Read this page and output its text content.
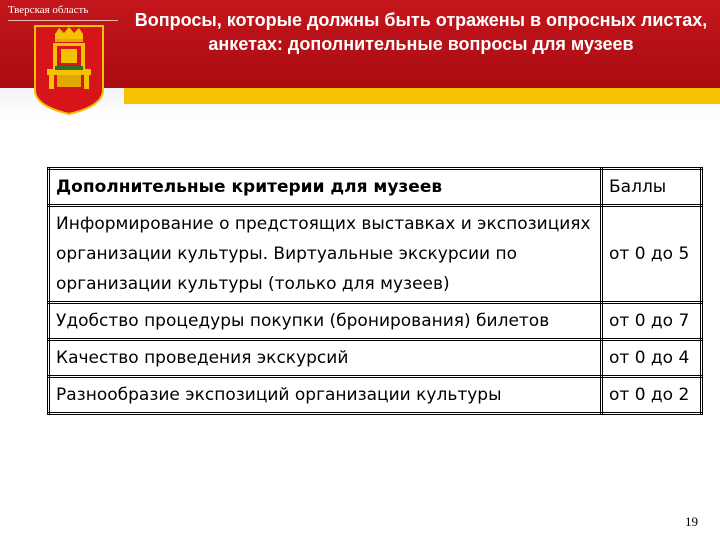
Тверская область	Вопросы, которые должны быть отражены в опросных листах, анкетах: дополнительные вопросы для музеев
Дополнительные критерии для музеев	Баллы
Информирование о предстоящих выставках и экспозициях организации культуры. Виртуальные экскурсии по организации культуры (только для музеев)	от 0 до 5
Удобство процедуры покупки (бронирования) билетов	от 0 до 7
Качество проведения экскурсий	от 0 до 4
Разнообразие экспозиций организации культуры	от 0 до 2
19
